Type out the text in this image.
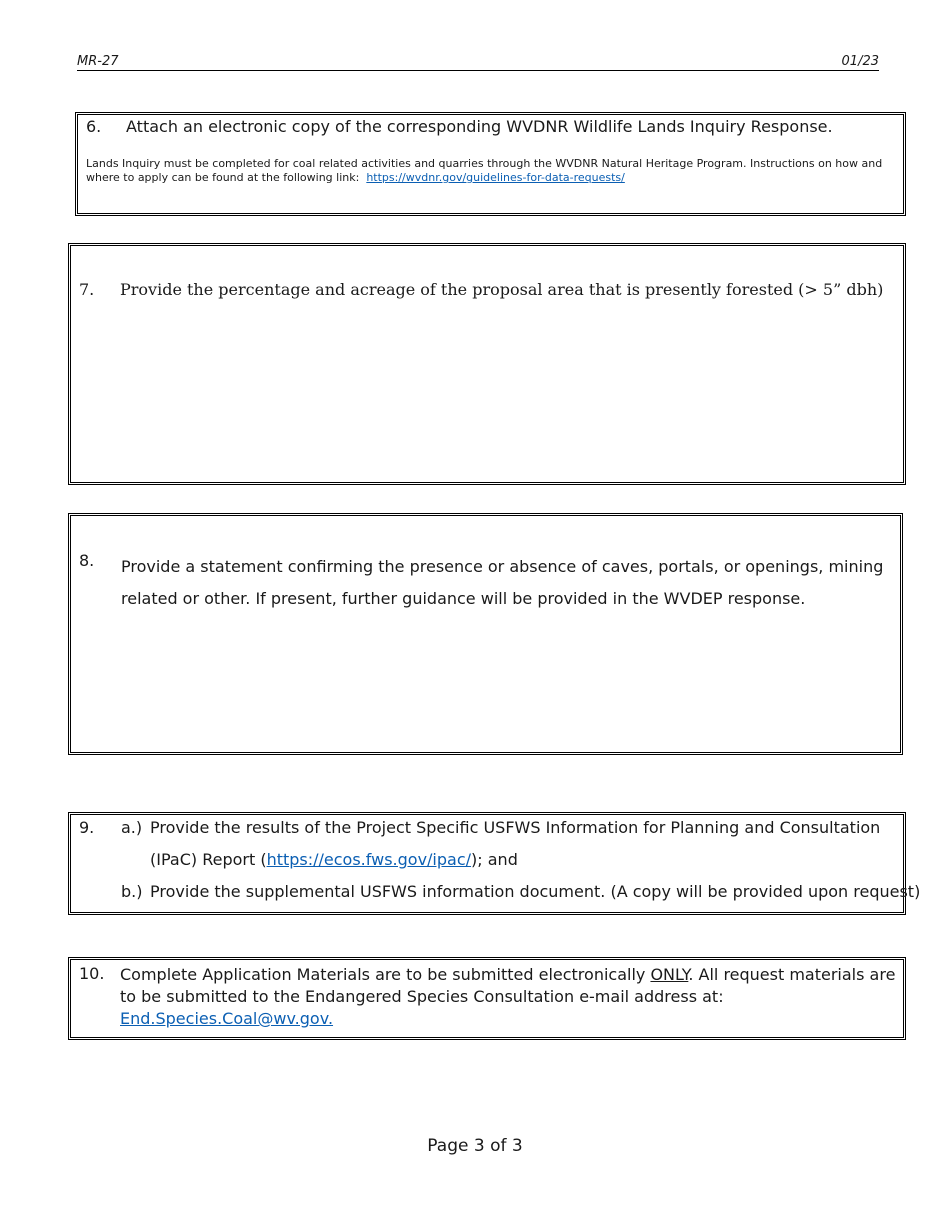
MR-27	01/23
6. Attach an electronic copy of the corresponding WVDNR Wildlife Lands Inquiry Response.
Lands Inquiry must be completed for coal related activities and quarries through the WVDNR Natural Heritage Program. Instructions on how and where to apply can be found at the following link: https://wvdnr.gov/guidelines-for-data-requests/
7. Provide the percentage and acreage of the proposal area that is presently forested (> 5” dbh)
8. Provide a statement confirming the presence or absence of caves, portals, or openings, mining related or other. If present, further guidance will be provided in the WVDEP response.
9. a.) Provide the results of the Project Specific USFWS Information for Planning and Consultation
(IPaC) Report (https://ecos.fws.gov/ipac/); and
b.) Provide the supplemental USFWS information document. (A copy will be provided upon request)
10. Complete Application Materials are to be submitted electronically ONLY. All request materials are to be submitted to the Endangered Species Consultation e-mail address at:  End.Species.Coal@wv.gov.
Page 3 of 3
